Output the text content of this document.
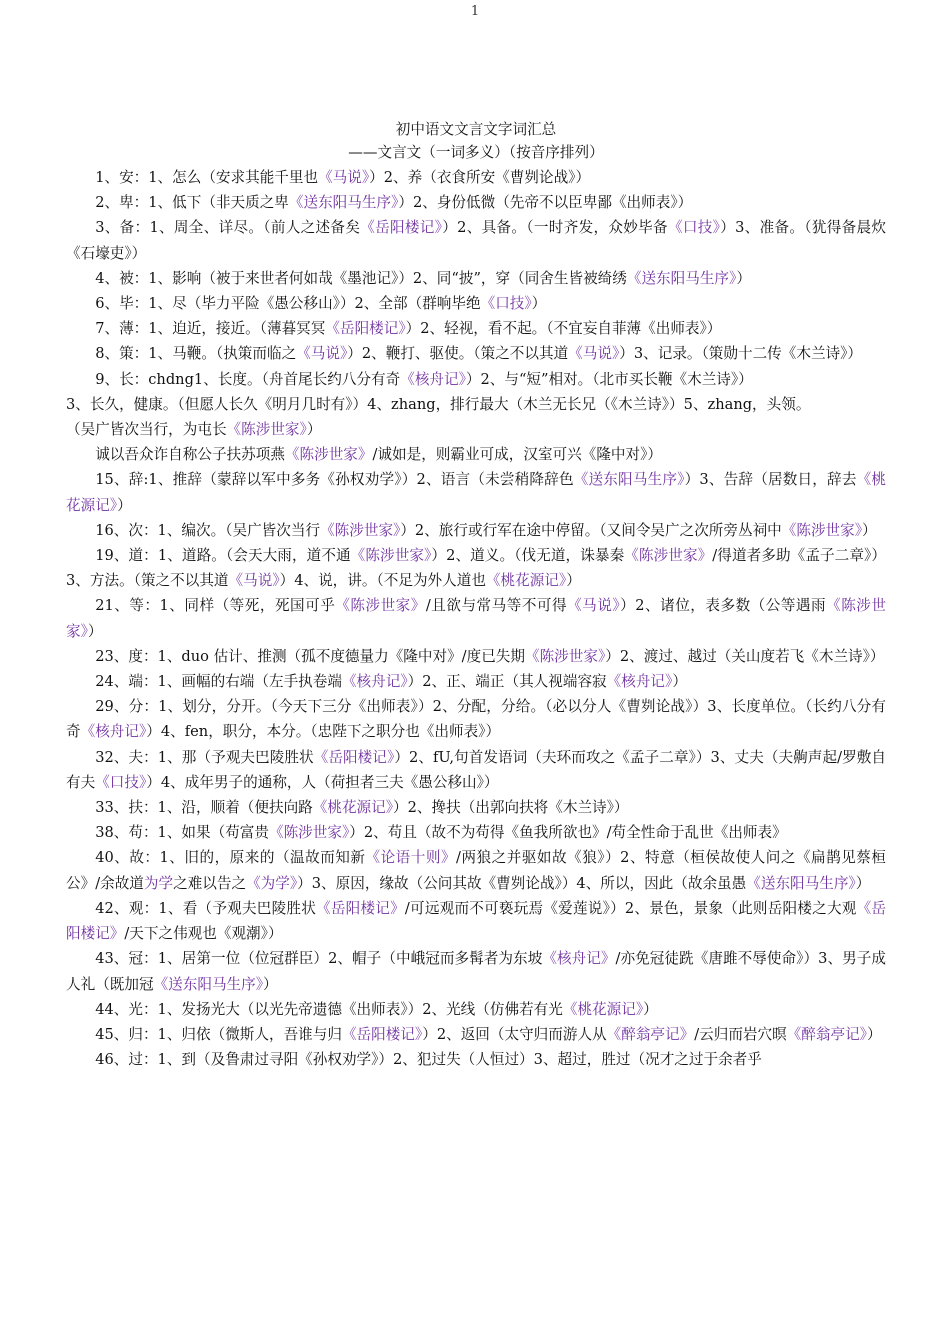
1

初中语文文言文字词汇总

——文言文（一词多义）（按音序排列）

1、安：1、怎么（安求其能千里也《马说》）2、养（衣食所安《曹刿论战》）

2、卑：1、低下（非天质之卑《送东阳马生序》）2、身份低微（先帝不以臣卑鄙《出师表》）

3、备：1、周全、详尽。（前人之述备矣《岳阳楼记》）2、具备。（一时齐发，众妙毕备《口技》）3、准备。（犹得备晨炊《石壕吏》）

4、被：1、影响（被于来世者何如哉《墨池记》）2、同“披”，穿（同舍生皆被绮绣《送东阳马生序》）

6、毕：1、尽（毕力平险《愚公移山》）2、全部（群响毕绝《口技》）

7、薄：1、迫近，接近。（薄暮冥冥《岳阳楼记》）2、轻视，看不起。（不宜妄自菲薄《出师表》）

8、策：1、马鞭。（执策而临之《马说》）2、鞭打、驱使。（策之不以其道《马说》）3、记录。（策勋十二传《木兰诗》）

9、长：chdng1、长度。（舟首尾长约八分有奇《核舟记》）2、与“短”相对。（北市买长鞭《木兰诗》）

3、长久，健康。（但愿人长久《明月几时有》）4、zhang，排行最大（木兰无长兄（《木兰诗》）5、zhang，头领。

（吴广皆次当行，为屯长《陈涉世家》）

诚以吾众诈自称公子扶苏项燕《陈涉世家》/诚如是，则霸业可成，汉室可兴《隆中对》）

15、辞:1、推辞（蒙辞以军中多务《孙权劝学》）2、语言（未尝稍降辞色《送东阳马生序》）3、告辞（居数日，辞去《桃花源记》）

16、次：1、编次。（吴广皆次当行《陈涉世家》）2、旅行或行军在途中停留。（又间令吴广之次所旁丛祠中《陈涉世家》）

19、道：1、道路。（会天大雨，道不通《陈涉世家》）2、道义。（伐无道，诛暴秦《陈涉世家》/得道者多助《孟子二章》）3、方法。（策之不以其道《马说》）4、说，讲。（不足为外人道也《桃花源记》）

21、等：1、同样（等死，死国可乎《陈涉世家》/且欲与常马等不可得《马说》）2、诸位，表多数（公等遇雨《陈涉世家》）

23、度：1、duo 估计、推测（孤不度德量力《隆中对》/度已失期《陈涉世家》）2、渡过、越过（关山度若飞《木兰诗》）

24、端：1、画幅的右端（左手执卷端《核舟记》）2、正、端正（其人视端容寂《核舟记》）

29、分：1、划分，分开。（今天下三分《出师表》）2、分配，分给。（必以分人《曹刿论战》）3、长度单位。（长约八分有奇《核舟记》）4、fen，职分，本分。（忠陛下之职分也《出师表》）

32、夫：1、那（予观夫巴陵胜状《岳阳楼记》）2、fU,句首发语词（夫环而攻之《孟子二章》）3、丈夫（夫齁声起/罗敷自有夫《口技》）4、成年男子的通称，人（荷担者三夫《愚公移山》）

33、扶：1、沿，顺着（便扶向路《桃花源记》）2、搀扶（出郭向扶将《木兰诗》）

38、苟：1、如果（苟富贵《陈涉世家》）2、苟且（故不为苟得《鱼我所欲也》/苟全性命于乱世《出师表》

40、故：1、旧的，原来的（温故而知新《论语十则》/两狼之并驱如故《狼》）2、特意（桓侯故使人问之《扁鹊见蔡桓公》/余故道为学之难以告之《为学》）3、原因，缘故（公问其故《曹刿论战》）4、所以，因此（故余虽愚《送东阳马生序》）

42、观：1、看（予观夫巴陵胜状《岳阳楼记》/可远观而不可亵玩焉《爱莲说》）2、景色，景象（此则岳阳楼之大观《岳阳楼记》/天下之伟观也《观潮》）

43、冠：1、居第一位（位冠群臣）2、帽子（中峨冠而多髯者为东坡《核舟记》/亦免冠徒跣《唐雎不辱使命》）3、男子成人礼（既加冠《送东阳马生序》）

44、光：1、发扬光大（以光先帝遗德《出师表》）2、光线（仿佛若有光《桃花源记》）

45、归：1、归依（微斯人，吾谁与归《岳阳楼记》）2、返回（太守归而游人从《醉翁亭记》/云归而岩穴暝《醉翁亭记》）

46、过：1、到（及鲁肃过寻阳《孙权劝学》）2、犯过失（人恒过）3、超过，胜过（况才之过于余者乎
